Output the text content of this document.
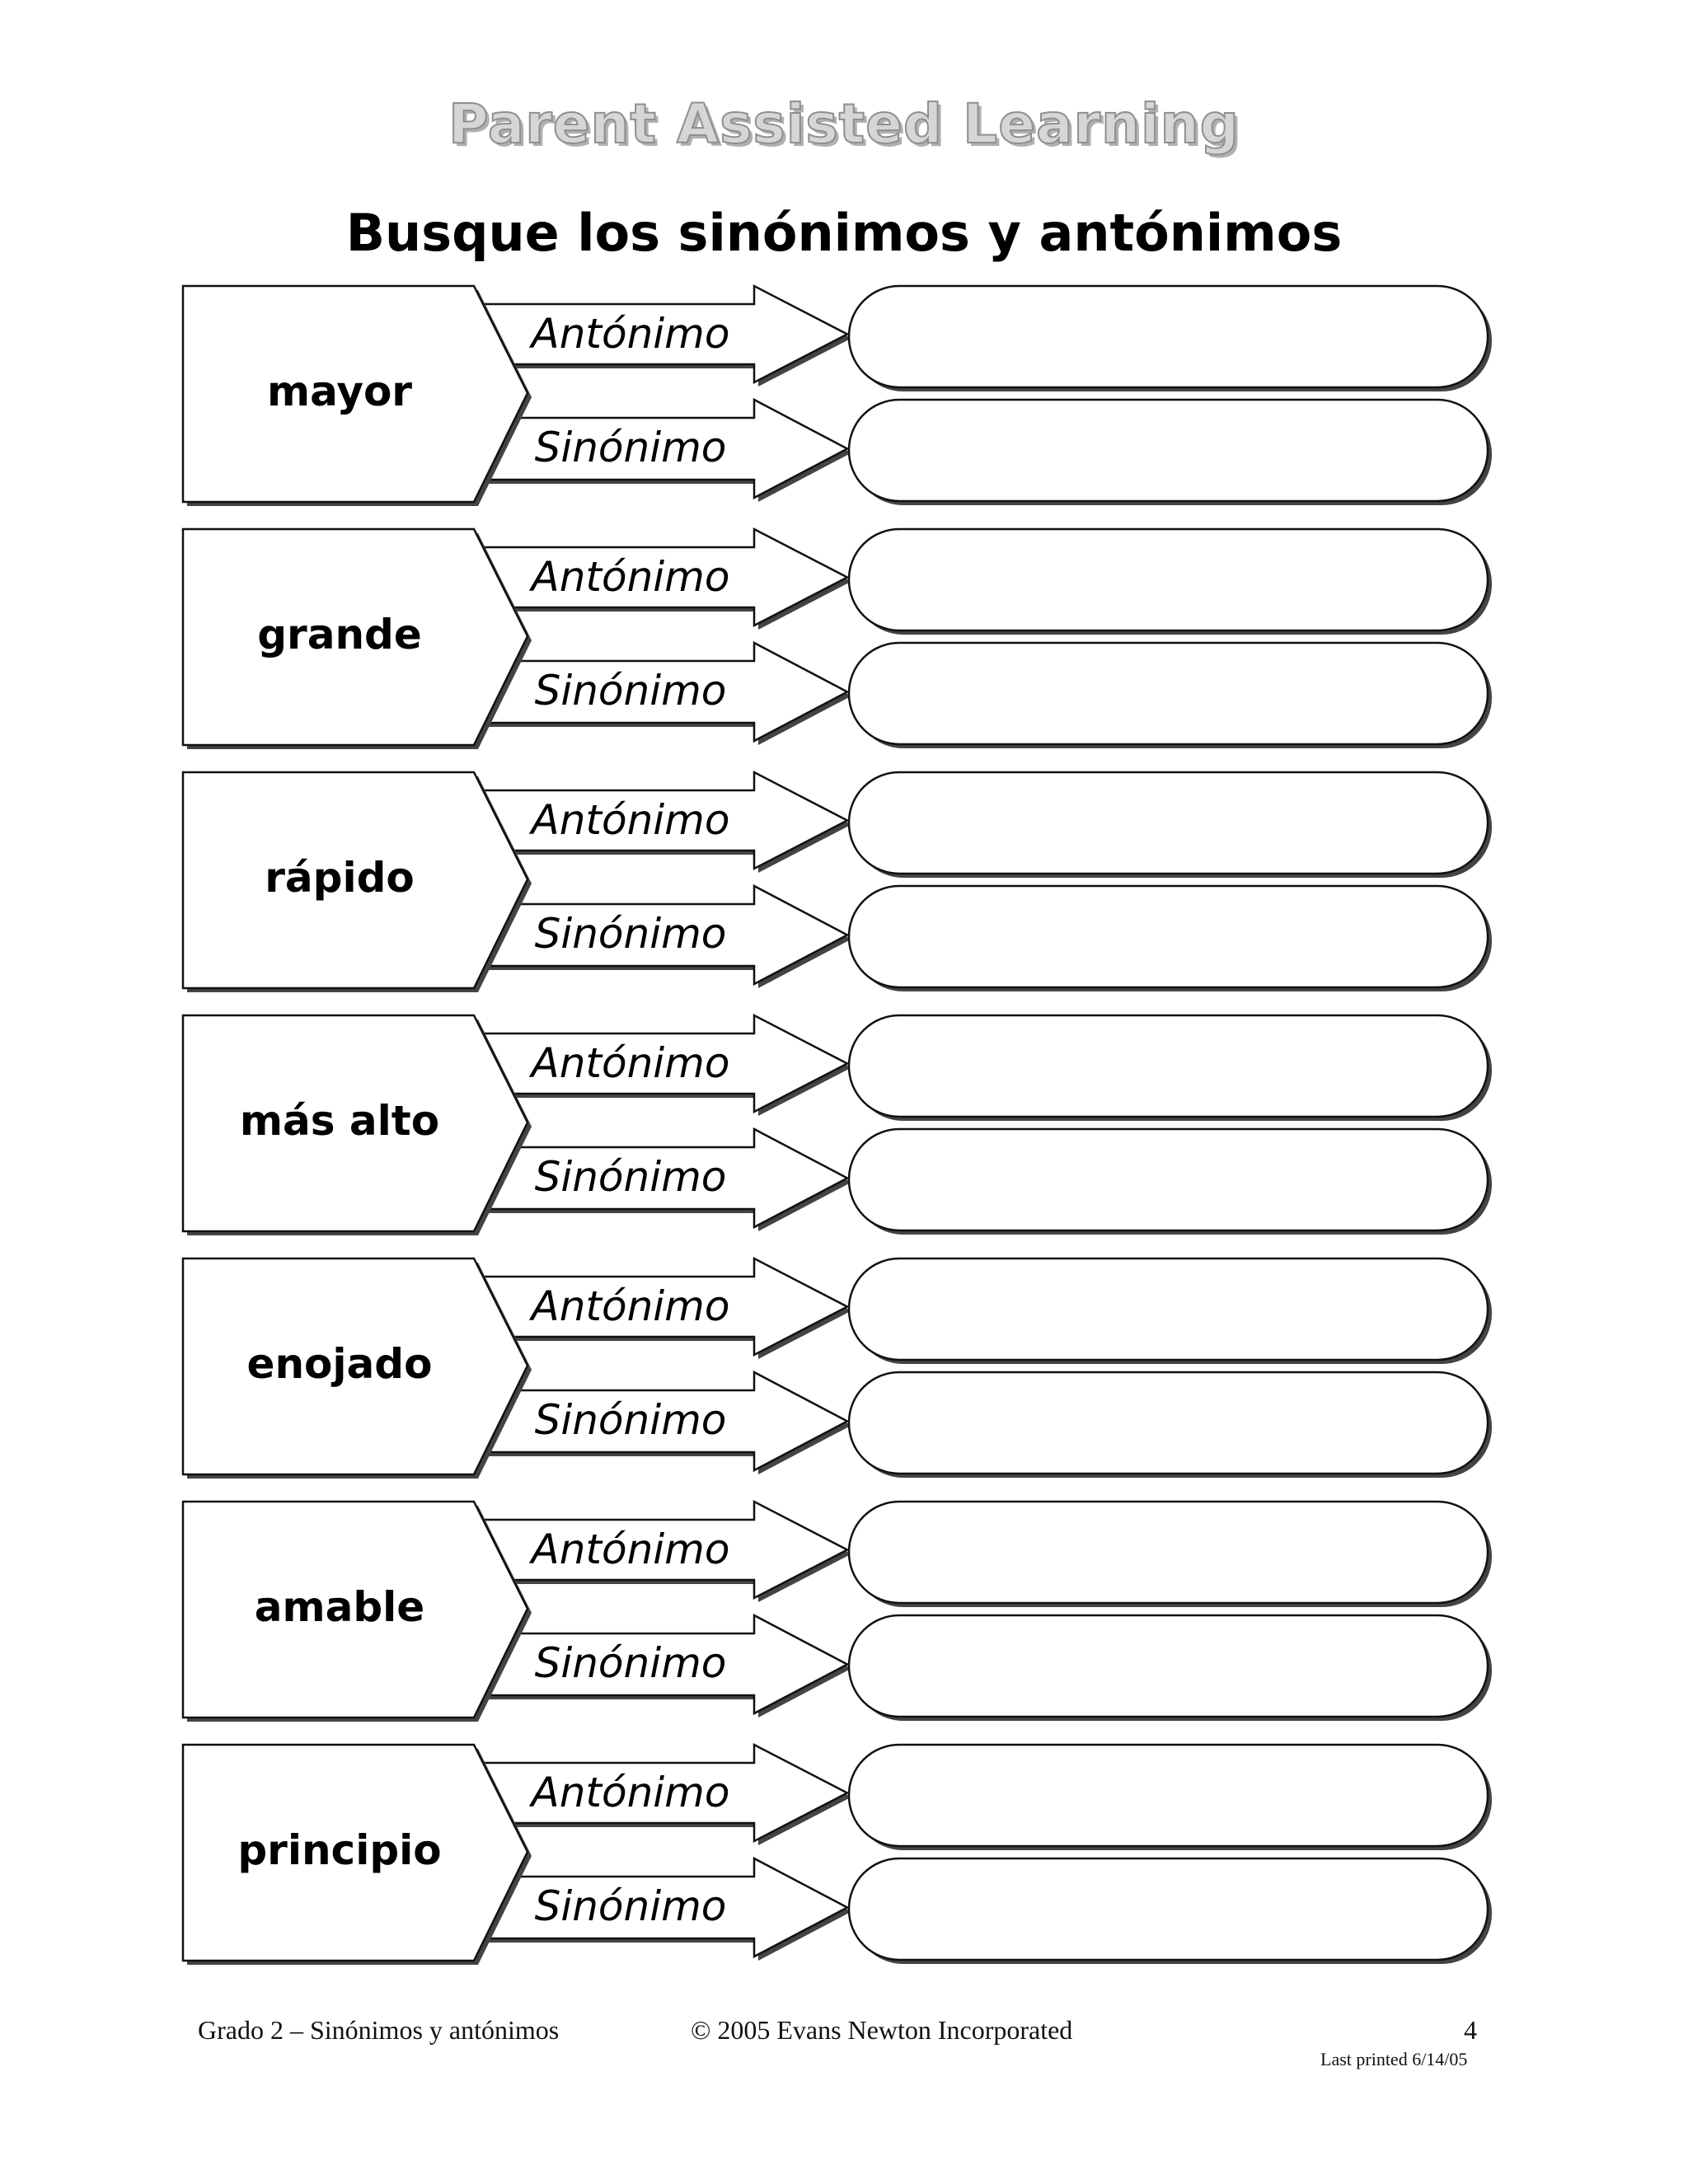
Parent Assisted Learning
Busque los sinónimos y antónimos
mayor
Antónimo
Sinónimo
grande
Antónimo
Sinónimo
rápido
Antónimo
Sinónimo
más alto
Antónimo
Sinónimo
enojado
Antónimo
Sinónimo
amable
Antónimo
Sinónimo
principio
Antónimo
Sinónimo
Grado 2 – Sinónimos y antónimos	© 2005 Evans Newton Incorporated	4
Last printed 6/14/05
